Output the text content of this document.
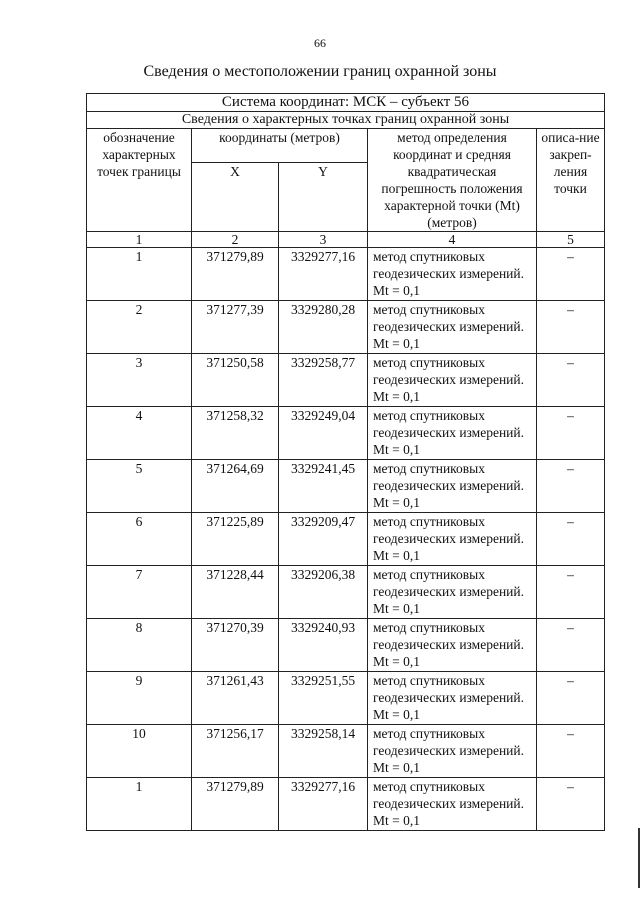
66
Сведения о местоположении границ охранной зоны
Система координат: МСК – субъект 56				
Сведения о характерных точках границ охранной зоны				
обозначение характерных точек границы	координаты (метров)		метод определения координат и средняя квадратическая погрешность положения характерной точки (Mt) (метров)	описа-ние закреп-ления точки
	X	Y		
1	2	3	4	5
1	371279,89	3329277,16	метод спутниковых геодезических измерений. Mt = 0,1	–
2	371277,39	3329280,28	метод спутниковых геодезических измерений. Mt = 0,1	–
3	371250,58	3329258,77	метод спутниковых геодезических измерений. Mt = 0,1	–
4	371258,32	3329249,04	метод спутниковых геодезических измерений. Mt = 0,1	–
5	371264,69	3329241,45	метод спутниковых геодезических измерений. Mt = 0,1	–
6	371225,89	3329209,47	метод спутниковых геодезических измерений. Mt = 0,1	–
7	371228,44	3329206,38	метод спутниковых геодезических измерений. Mt = 0,1	–
8	371270,39	3329240,93	метод спутниковых геодезических измерений. Mt = 0,1	–
9	371261,43	3329251,55	метод спутниковых геодезических измерений. Mt = 0,1	–
10	371256,17	3329258,14	метод спутниковых геодезических измерений. Mt = 0,1	–
1	371279,89	3329277,16	метод спутниковых геодезических измерений. Mt = 0,1	–
